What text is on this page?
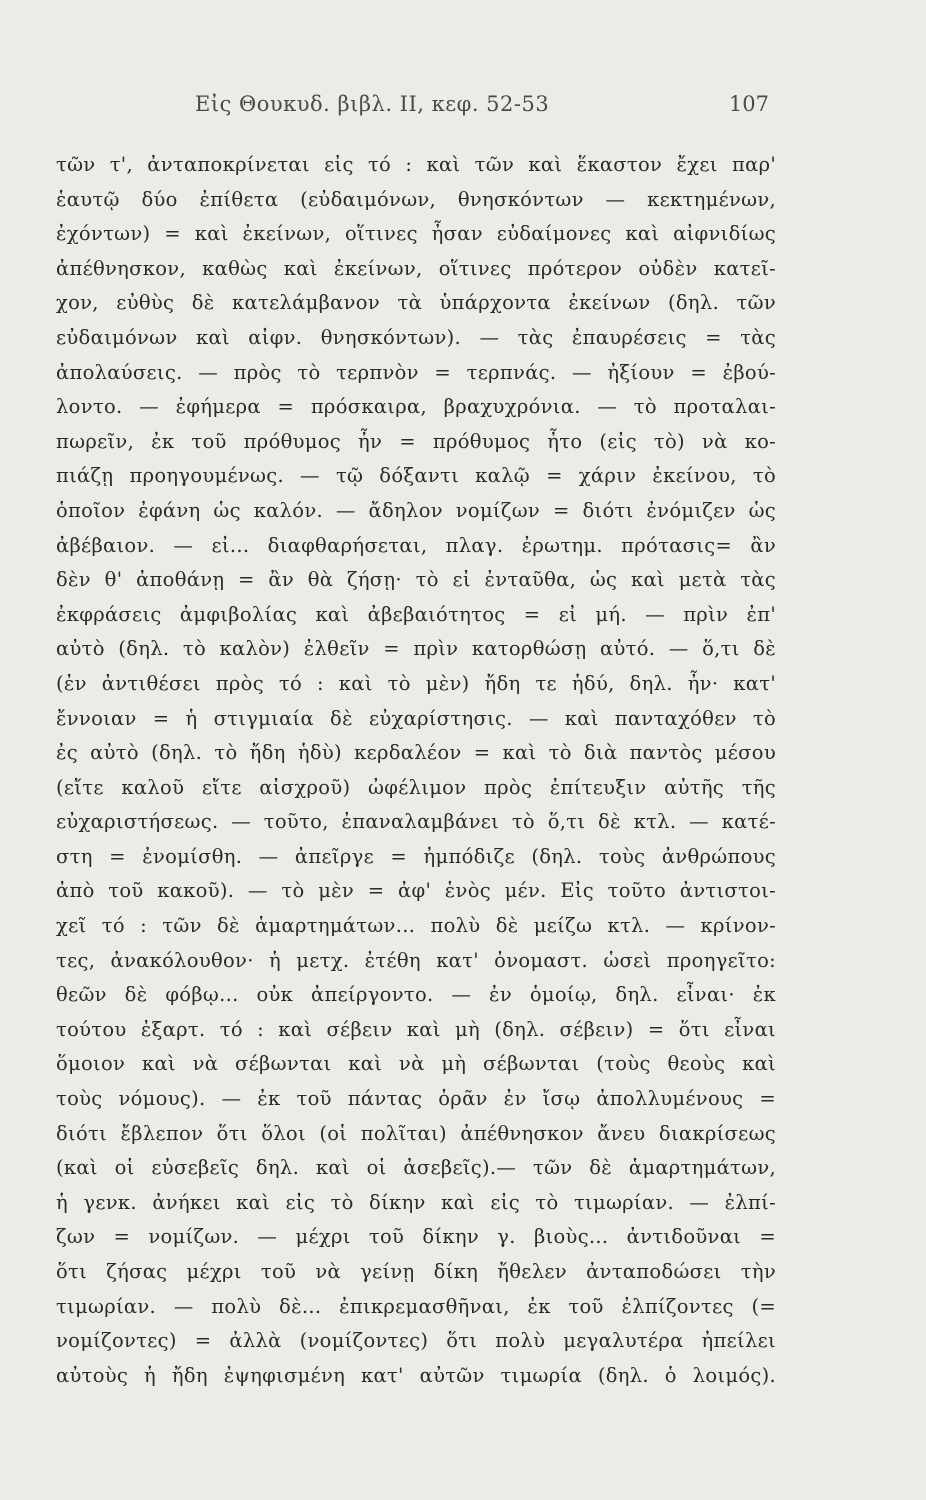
Εἰς Θουκυδ. βιβλ. ΙΙ, κεφ. 52-53	107
τῶν τ', ἀνταποκρίνεται εἰς τό : καὶ τῶν καὶ ἕκαστον ἔχει παρ'
ἑαυτῷ δύο ἐπίθετα (εὐδαιμόνων, θνησκόντων — κεκτημένων,
ἐχόντων) = καὶ ἐκείνων, οἵτινες ἦσαν εὐδαίμονες καὶ αἰφνιδίως
ἀπέθνησκον, καθὼς καὶ ἐκείνων, οἵτινες πρότερον οὐδὲν κατεῖ-
χον, εὐθὺς δὲ κατελάμβανον τὰ ὑπάρχοντα ἐκείνων (δηλ. τῶν
εὐδαιμόνων καὶ αἰφν. θνησκόντων). — τὰς ἐπαυρέσεις = τὰς
ἀπολαύσεις. — πρὸς τὸ τερπνὸν = τερπνάς. — ἠξίουν = ἐβού-
λοντο. — ἐφήμερα = πρόσκαιρα, βραχυχρόνια. — τὸ προταλαι-
πωρεῖν, ἐκ τοῦ πρόθυμος ἦν = πρόθυμος ἦτο (εἰς τὸ) νὰ κο-
πιάζῃ προηγουμένως. — τῷ δόξαντι καλῷ = χάριν ἐκείνου, τὸ
ὁποῖον ἐφάνη ὡς καλόν. — ἄδηλον νομίζων = διότι ἐνόμιζεν ὡς
ἀβέβαιον. — εἰ... διαφθαρήσεται, πλαγ. ἐρωτημ. πρότασις= ἂν
δὲν θ' ἀποθάνῃ = ἂν θὰ ζήσῃ· τὸ εἰ ἐνταῦθα, ὡς καὶ μετὰ τὰς
ἐκφράσεις ἀμφιβολίας καὶ ἀβεβαιότητος = εἰ μή. — πρὶν ἐπ'
αὐτὸ (δηλ. τὸ καλὸν) ἐλθεῖν = πρὶν κατορθώσῃ αὐτό. — ὅ,τι δὲ
(ἐν ἀντιθέσει πρὸς τό : καὶ τὸ μὲν) ἤδη τε ἡδύ, δηλ. ἦν· κατ'
ἔννοιαν = ἡ στιγμιαία δὲ εὐχαρίστησις. — καὶ πανταχόθεν τὸ
ἐς αὐτὸ (δηλ. τὸ ἤδη ἡδὺ) κερδαλέον = καὶ τὸ διὰ παντὸς μέσου
(εἴτε καλοῦ εἴτε αἰσχροῦ) ὠφέλιμον πρὸς ἐπίτευξιν αὐτῆς τῆς
εὐχαριστήσεως. — τοῦτο, ἐπαναλαμβάνει τὸ ὅ,τι δὲ κτλ. — κατέ-
στη = ἐνομίσθη. — ἀπεῖργε = ἠμπόδιζε (δηλ. τοὺς ἀνθρώπους
ἀπὸ τοῦ κακοῦ). — τὸ μὲν = ἀφ' ἑνὸς μέν. Εἰς τοῦτο ἀντιστοι-
χεῖ τό : τῶν δὲ ἁμαρτημάτων... πολὺ δὲ μείζω κτλ. — κρίνον-
τες, ἀνακόλουθον· ἡ μετχ. ἐτέθη κατ' ὀνομαστ. ὡσεὶ προηγεῖτο:
θεῶν δὲ φόβῳ... οὐκ ἀπείργοντο. — ἐν ὁμοίῳ, δηλ. εἶναι· ἐκ
τούτου ἐξαρτ. τό : καὶ σέβειν καὶ μὴ (δηλ. σέβειν) = ὅτι εἶναι
ὅμοιον καὶ νὰ σέβωνται καὶ νὰ μὴ σέβωνται (τοὺς θεοὺς καὶ
τοὺς νόμους). — ἐκ τοῦ πάντας ὁρᾶν ἐν ἴσῳ ἀπολλυμένους =
διότι ἔβλεπον ὅτι ὅλοι (οἱ πολῖται) ἀπέθνησκον ἄνευ διακρίσεως
(καὶ οἱ εὐσεβεῖς δηλ. καὶ οἱ ἀσεβεῖς).— τῶν δὲ ἁμαρτημάτων,
ἡ γενκ. ἀνήκει καὶ εἰς τὸ δίκην καὶ εἰς τὸ τιμωρίαν. — ἐλπί-
ζων = νομίζων. — μέχρι τοῦ δίκην γ. βιοὺς... ἀντιδοῦναι =
ὅτι ζήσας μέχρι τοῦ νὰ γείνῃ δίκη ἤθελεν ἀνταποδώσει τὴν
τιμωρίαν. — πολὺ δὲ... ἐπικρεμασθῆναι, ἐκ τοῦ ἐλπίζοντες (=
νομίζοντες) = ἀλλὰ (νομίζοντες) ὅτι πολὺ μεγαλυτέρα ἠπείλει
αὐτοὺς ἡ ἤδη ἐψηφισμένη κατ' αὐτῶν τιμωρία (δηλ. ὁ λοιμός).
